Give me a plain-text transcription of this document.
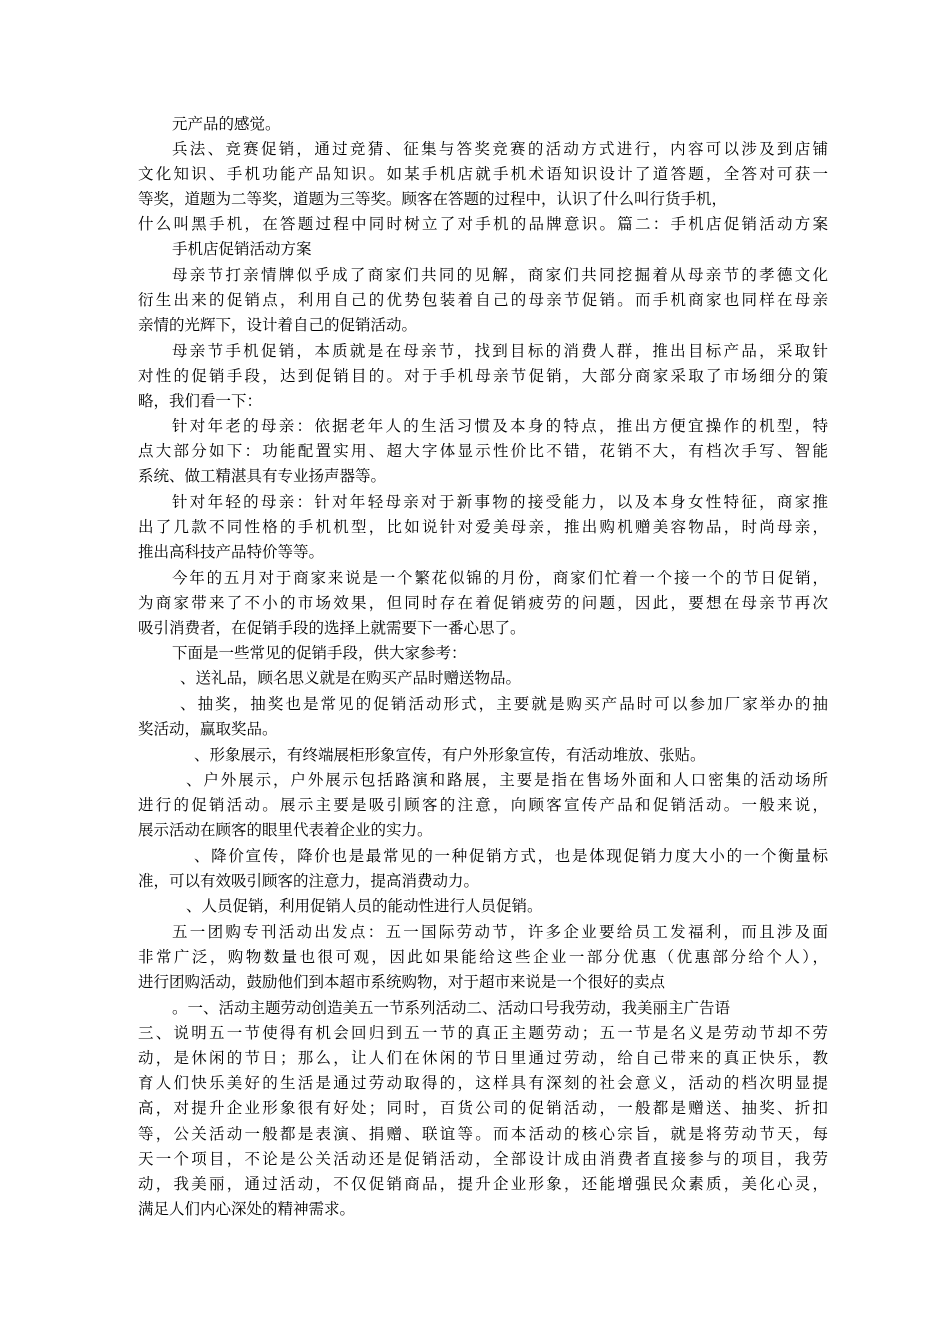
元产品的感觉。
兵法、竞赛促销，通过竞猜、征集与答奖竞赛的活动方式进行，内容可以涉及到店铺
文化知识、手机功能产品知识。如某手机店就手机术语知识设计了道答题，全答对可获一
等奖，道题为二等奖，道题为三等奖。顾客在答题的过程中，认识了什么叫行货手机，
什么叫黑手机，在答题过程中同时树立了对手机的品牌意识。篇二：手机店促销活动方案
手机店促销活动方案
母亲节打亲情牌似乎成了商家们共同的见解，商家们共同挖掘着从母亲节的孝德文化
衍生出来的促销点，利用自己的优势包装着自己的母亲节促销。而手机商家也同样在母亲
亲情的光辉下，设计着自己的促销活动。
母亲节手机促销，本质就是在母亲节，找到目标的消费人群，推出目标产品，采取针
对性的促销手段，达到促销目的。对于手机母亲节促销，大部分商家采取了市场细分的策
略，我们看一下：
针对年老的母亲：依据老年人的生活习惯及本身的特点，推出方便宜操作的机型，特
点大部分如下：功能配置实用、超大字体显示性价比不错，花销不大，有档次手写、智能
系统、做工精湛具有专业扬声器等。
针对年轻的母亲：针对年轻母亲对于新事物的接受能力，以及本身女性特征，商家推
出了几款不同性格的手机机型，比如说针对爱美母亲，推出购机赠美容物品，时尚母亲，
推出高科技产品特价等等。
今年的五月对于商家来说是一个繁花似锦的月份，商家们忙着一个接一个的节日促销，
为商家带来了不小的市场效果，但同时存在着促销疲劳的问题，因此，要想在母亲节再次
吸引消费者，在促销手段的选择上就需要下一番心思了。
下面是一些常见的促销手段，供大家参考：
、送礼品，顾名思义就是在购买产品时赠送物品。
、抽奖，抽奖也是常见的促销活动形式，主要就是购买产品时可以参加厂家举办的抽
奖活动，赢取奖品。
、形象展示，有终端展柜形象宣传，有户外形象宣传，有活动堆放、张贴。
、户外展示，户外展示包括路演和路展，主要是指在售场外面和人口密集的活动场所
进行的促销活动。展示主要是吸引顾客的注意，向顾客宣传产品和促销活动。一般来说，
展示活动在顾客的眼里代表着企业的实力。
、降价宣传，降价也是最常见的一种促销方式，也是体现促销力度大小的一个衡量标
准，可以有效吸引顾客的注意力，提高消费动力。
、人员促销，利用促销人员的能动性进行人员促销。
五一团购专刊活动出发点：五一国际劳动节，许多企业要给员工发福利，而且涉及面
非常广泛，购物数量也很可观，因此如果能给这些企业一部分优惠（优惠部分给个人），
进行团购活动，鼓励他们到本超市系统购物，对于超市来说是一个很好的卖点
。一、活动主题劳动创造美五一节系列活动二、活动口号我劳动，我美丽主广告语
三、说明五一节使得有机会回归到五一节的真正主题劳动；五一节是名义是劳动节却不劳
动，是休闲的节日；那么，让人们在休闲的节日里通过劳动，给自己带来的真正快乐，教
育人们快乐美好的生活是通过劳动取得的，这样具有深刻的社会意义，活动的档次明显提
高，对提升企业形象很有好处；同时，百货公司的促销活动，一般都是赠送、抽奖、折扣
等，公关活动一般都是表演、捐赠、联谊等。而本活动的核心宗旨，就是将劳动节天，每
天一个项目，不论是公关活动还是促销活动，全部设计成由消费者直接参与的项目，我劳
动，我美丽，通过活动，不仅促销商品，提升企业形象，还能增强民众素质，美化心灵，
满足人们内心深处的精神需求。
